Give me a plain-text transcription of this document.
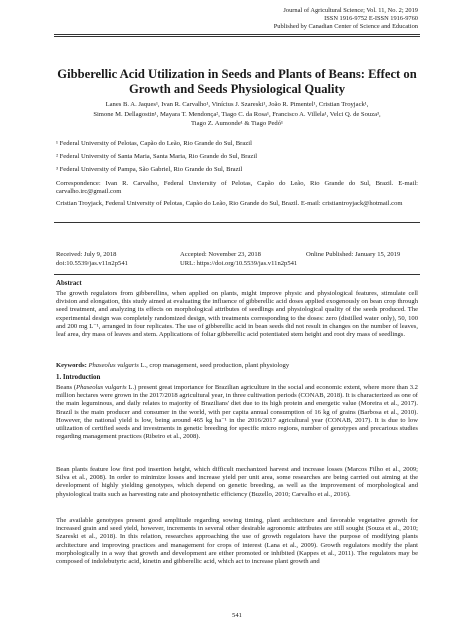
Journal of Agricultural Science; Vol. 11, No. 2; 2019
ISSN 1916-9752 E-ISSN 1916-9760
Published by Canadian Center of Science and Education
Gibberellic Acid Utilization in Seeds and Plants of Beans: Effect on
Growth and Seeds Physiological Quality
Lanes B. A. Jaques¹, Ivan R. Carvalho¹, Vinícius J. Szareski¹, João R. Pimentel¹, Cristian Troyjack¹,
Simone M. Dellagostin¹, Mayara T. Mendonça², Tiago C. da Rosa¹, Francisco A. Villela¹, Velci Q. de Souza³,
Tiago Z. Aumonde¹ & Tiago Pedó¹
¹ Federal University of Pelotas, Capão do Leão, Rio Grande do Sul, Brazil
² Federal University of Santa Maria, Santa Maria, Rio Grande do Sul, Brazil
³ Federal University of Pampa, São Gabriel, Rio Grande do Sul, Brazil
Correspondence: Ivan R. Carvalho, Federal Unviersity of Pelotas, Capão do Leão, Rio Grande do Sul, Brazil. E-mail: carvalho.irc@gmail.com
Cristian Troyjack, Federal University of Pelotas, Capão do Leão, Rio Grande do Sul, Brazil. E-mail: cristiantroyjack@hotmail.com
Received: July 9, 2018	Accepted: November 23, 2018	Online Published: January 15, 2019
doi:10.5539/jas.v11n2p541	URL: https://doi.org/10.5539/jas.v11n2p541
Abstract
The growth regulators from gibberellins, when applied on plants, might improve physic and physiological features, stimulate cell division and elongation, this study aimed at evaluating the influence of gibberellic acid doses applied exogenously on bean crop through seed treatment, and analyzing its effects on morphological attributes of seedlings and physiological quality of the seeds produced. The experimental design was completely randomized design, with treatments corresponding to the doses: zero (distilled water only), 50, 100 and 200 mg L⁻¹, arranged in four replicates. The use of gibberellic acid in bean seeds did not result in changes on the number of leaves, leaf area, dry mass of leaves and stem. Applications of foliar gibberellic acid potentiated stem height and root dry mass of seedlings.
Keywords: Phaseolus vulgaris L., crop management, seed production, plant physiology
1. Introduction
Beans (Phaseolus vulgaris L.) present great importance for Brazilian agriculture in the social and economic extent, where more than 3.2 million hectares were grown in the 2017/2018 agricultural year, in three cultivation periods (CONAB, 2018). It is characterized as one of the main leguminous, and daily relates to majority of Brazilians' diet due to its high protein and energetic value (Moreira et al., 2017). Brazil is the main producer and consumer in the world, with per capita annual consumption of 16 kg of grains (Barbosa et al., 2010). However, the national yield is low, being around 465 kg ha⁻¹ in the 2016/2017 agricultural year (CONAB, 2017). It is due to low utilization of certified seeds and investments in genetic breeding for specific micro regions, number of genotypes and precarious studies regarding management practices (Ribeiro et al., 2008).
Bean plants feature low first pod insertion height, which difficult mechanized harvest and increase losses (Marcos Filho et al., 2009; Silva et al., 2008). In order to minimize losses and increase yield per unit area, some researches are being carried out aiming at the development of highly yielding genotypes, which depend on genetic breeding, as well as the improvement of morphological and physiological traits such as harvesting rate and photosynthetic efficiency (Buzello, 2010; Carvalho et al., 2016).
The available genotypes present good amplitude regarding sowing timing, plant architecture and favorable vegetative growth for increased grain and seed yield, however, increments in several other desirable agronomic attributes are still sought (Souza et al., 2010; Szareski et al., 2018). In this relation, researches approaching the use of growth regulators have the purpose of modifying plants architecture and improving practices and management for crops of interest (Lana et al., 2009). Growth regulators modify the plant morphologically in a way that growth and development are either promoted or inhibited (Kappes et al., 2011). The regulators may be composed of indolebutyric acid, kinetin and gibberellic acid, which act to increase plant growth and
541
